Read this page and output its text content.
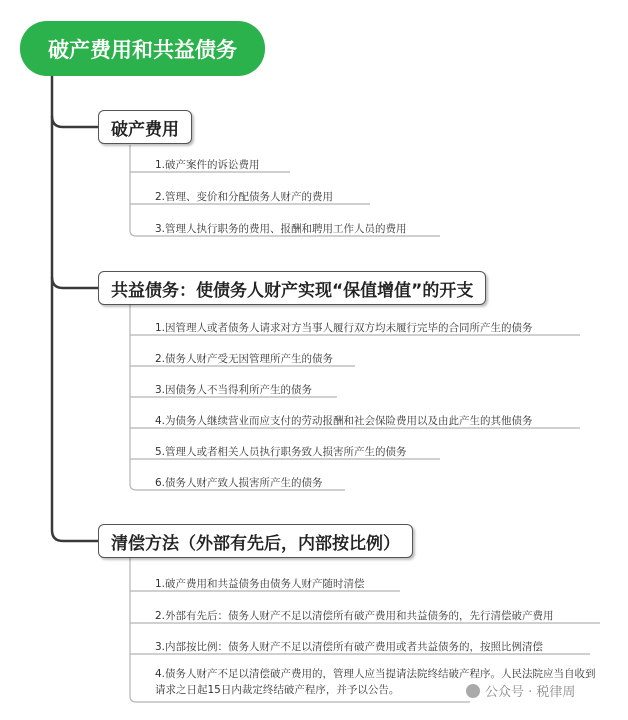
破产费用和共益债务
破产费用
1.破产案件的诉讼费用
2.管理、变价和分配债务人财产的费用
3.管理人执行职务的费用、报酬和聘用工作人员的费用
共益债务：使债务人财产实现“保值增值”的开支
1.因管理人或者债务人请求对方当事人履行双方均未履行完毕的合同所产生的债务
2.债务人财产受无因管理所产生的债务
3.因债务人不当得利所产生的债务
4.为债务人继续营业而应支付的劳动报酬和社会保险费用以及由此产生的其他债务
5.管理人或者相关人员执行职务致人损害所产生的债务
6.债务人财产致人损害所产生的债务
清偿方法（外部有先后，内部按比例）
1.破产费用和共益债务由债务人财产随时清偿
2.外部有先后：债务人财产不足以清偿所有破产费用和共益债务的，先行清偿破产费用
3.内部按比例：债务人财产不足以清偿所有破产费用或者共益债务的，按照比例清偿
4.债务人财产不足以清偿破产费用的，管理人应当提请法院终结破产程序。人民法院应当自收到请求之日起15日内裁定终结破产程序，并予以公告。	公众号 · 税律周
